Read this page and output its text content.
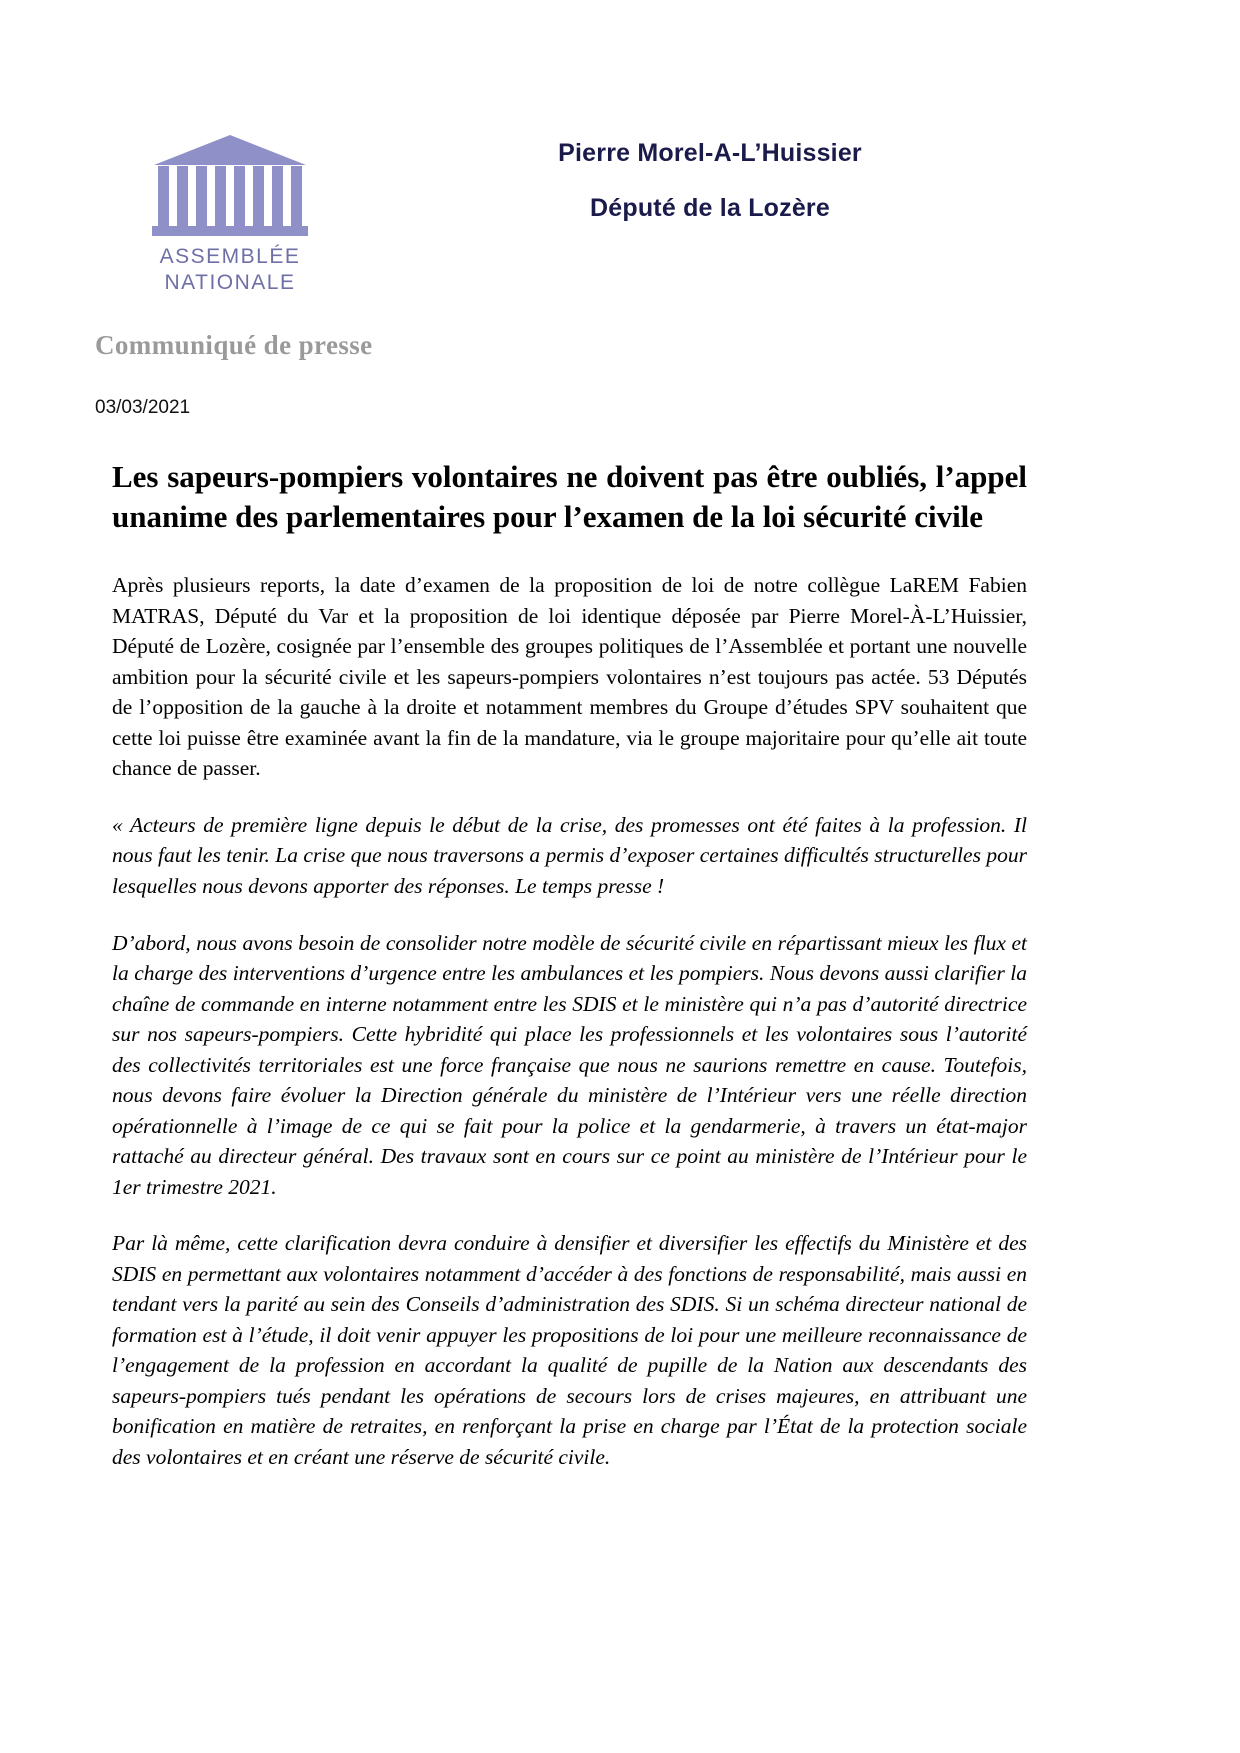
ASSEMBLÉE
NATIONALE
Pierre Morel-A-L’Huissier
Député de la Lozère
Communiqué de presse
03/03/2021
Les sapeurs-pompiers volontaires ne doivent pas être oubliés, l’appel unanime des parlementaires pour l’examen de la loi sécurité civile

Après plusieurs reports, la date d’examen de la proposition de loi de notre collègue LaREM Fabien MATRAS, Député du Var et la proposition de loi identique déposée par Pierre Morel-À-L’Huissier, Député de Lozère, cosignée par l’ensemble des groupes politiques de l’Assemblée et portant une nouvelle ambition pour la sécurité civile et les sapeurs-pompiers volontaires n’est toujours pas actée. 53 Députés de l’opposition de la gauche à la droite et notamment membres du Groupe d’études SPV souhaitent que cette loi puisse être examinée avant la fin de la mandature, via le groupe majoritaire pour qu’elle ait toute chance de passer.

« Acteurs de première ligne depuis le début de la crise, des promesses ont été faites à la profession. Il nous faut les tenir. La crise que nous traversons a permis d’exposer certaines difficultés structurelles pour lesquelles nous devons apporter des réponses. Le temps presse !

D’abord, nous avons besoin de consolider notre modèle de sécurité civile en répartissant mieux les flux et la charge des interventions d’urgence entre les ambulances et les pompiers. Nous devons aussi clarifier la chaîne de commande en interne notamment entre les SDIS et le ministère qui n’a pas d’autorité directrice sur nos sapeurs-pompiers. Cette hybridité qui place les professionnels et les volontaires sous l’autorité des collectivités territoriales est une force française que nous ne saurions remettre en cause. Toutefois, nous devons faire évoluer la Direction générale du ministère de l’Intérieur vers une réelle direction opérationnelle à l’image de ce qui se fait pour la police et la gendarmerie, à travers un état-major rattaché au directeur général. Des travaux sont en cours sur ce point au ministère de l’Intérieur pour le 1er trimestre 2021.

Par là même, cette clarification devra conduire à densifier et diversifier les effectifs du Ministère et des SDIS en permettant aux volontaires notamment d’accéder à des fonctions de responsabilité, mais aussi en tendant vers la parité au sein des Conseils d’administration des SDIS. Si un schéma directeur national de formation est à l’étude, il doit venir appuyer les propositions de loi pour une meilleure reconnaissance de l’engagement de la profession en accordant la qualité de pupille de la Nation aux descendants des sapeurs-pompiers tués pendant les opérations de secours lors de crises majeures, en attribuant une bonification en matière de retraites, en renforçant la prise en charge par l’État de la protection sociale des volontaires et en créant une réserve de sécurité civile.
